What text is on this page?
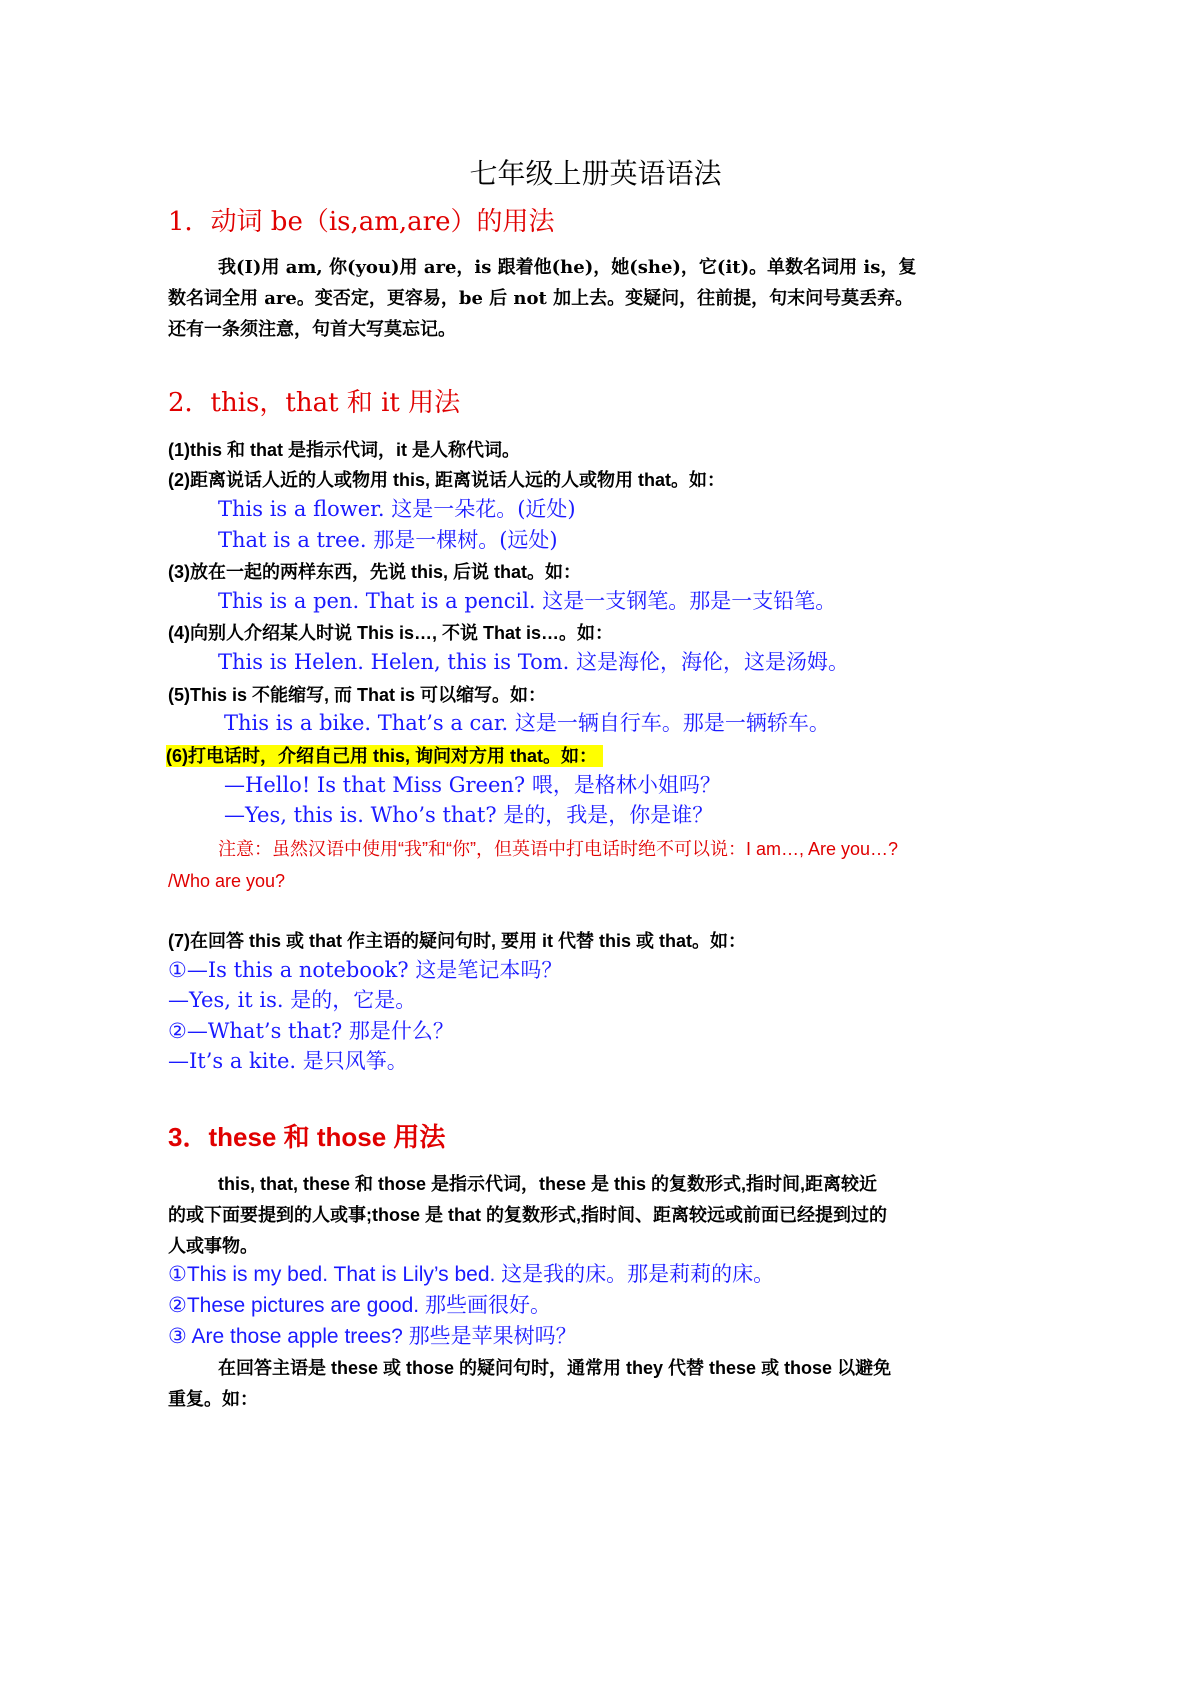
七年级上册英语语法
1．动词 be（is,am,are）的用法
我(I)用 am, 你(you)用 are，is 跟着他(he)，她(she)，它(it)。单数名词用 is，复
数名词全用 are。变否定，更容易，be 后 not 加上去。变疑问，往前提，句末问号莫丢弃。
还有一条须注意，句首大写莫忘记。
2．this，that 和 it 用法
(1)this 和 that 是指示代词，it 是人称代词。
(2)距离说话人近的人或物用 this, 距离说话人远的人或物用 that。如：
This is a flower. 这是一朵花。(近处)
That is a tree. 那是一棵树。(远处)
(3)放在一起的两样东西，先说 this, 后说 that。如：
This is a pen. That is a pencil. 这是一支钢笔。那是一支铅笔。
(4)向别人介绍某人时说 This is…, 不说 That is…。如：
This is Helen. Helen, this is Tom. 这是海伦，海伦，这是汤姆。
(5)This is 不能缩写, 而 That is 可以缩写。如：
This is a bike. That’s a car. 这是一辆自行车。那是一辆轿车。
(6)打电话时，介绍自己用 this, 询问对方用 that。如：
—Hello! Is that Miss Green? 喂，是格林小姐吗？
—Yes, this is. Who’s that? 是的，我是，你是谁？
注意：虽然汉语中使用“我”和“你”，但英语中打电话时绝不可以说：I am…, Are you…?
/Who are you?
(7)在回答 this 或 that 作主语的疑问句时, 要用 it 代替 this 或 that。如：
①—Is this a notebook? 这是笔记本吗？
—Yes, it is. 是的，它是。
②—What’s that? 那是什么？
—It’s a kite. 是只风筝。
3．these 和 those 用法
this, that, these 和 those 是指示代词，these 是 this 的复数形式,指时间,距离较近
的或下面要提到的人或事;those 是 that 的复数形式,指时间、距离较远或前面已经提到过的
人或事物。
①This is my bed. That is Lily’s bed. 这是我的床。那是莉莉的床。
②These pictures are good. 那些画很好。
③ Are those apple trees? 那些是苹果树吗？
在回答主语是 these 或 those 的疑问句时，通常用 they 代替 these 或 those 以避免
重复。如：
